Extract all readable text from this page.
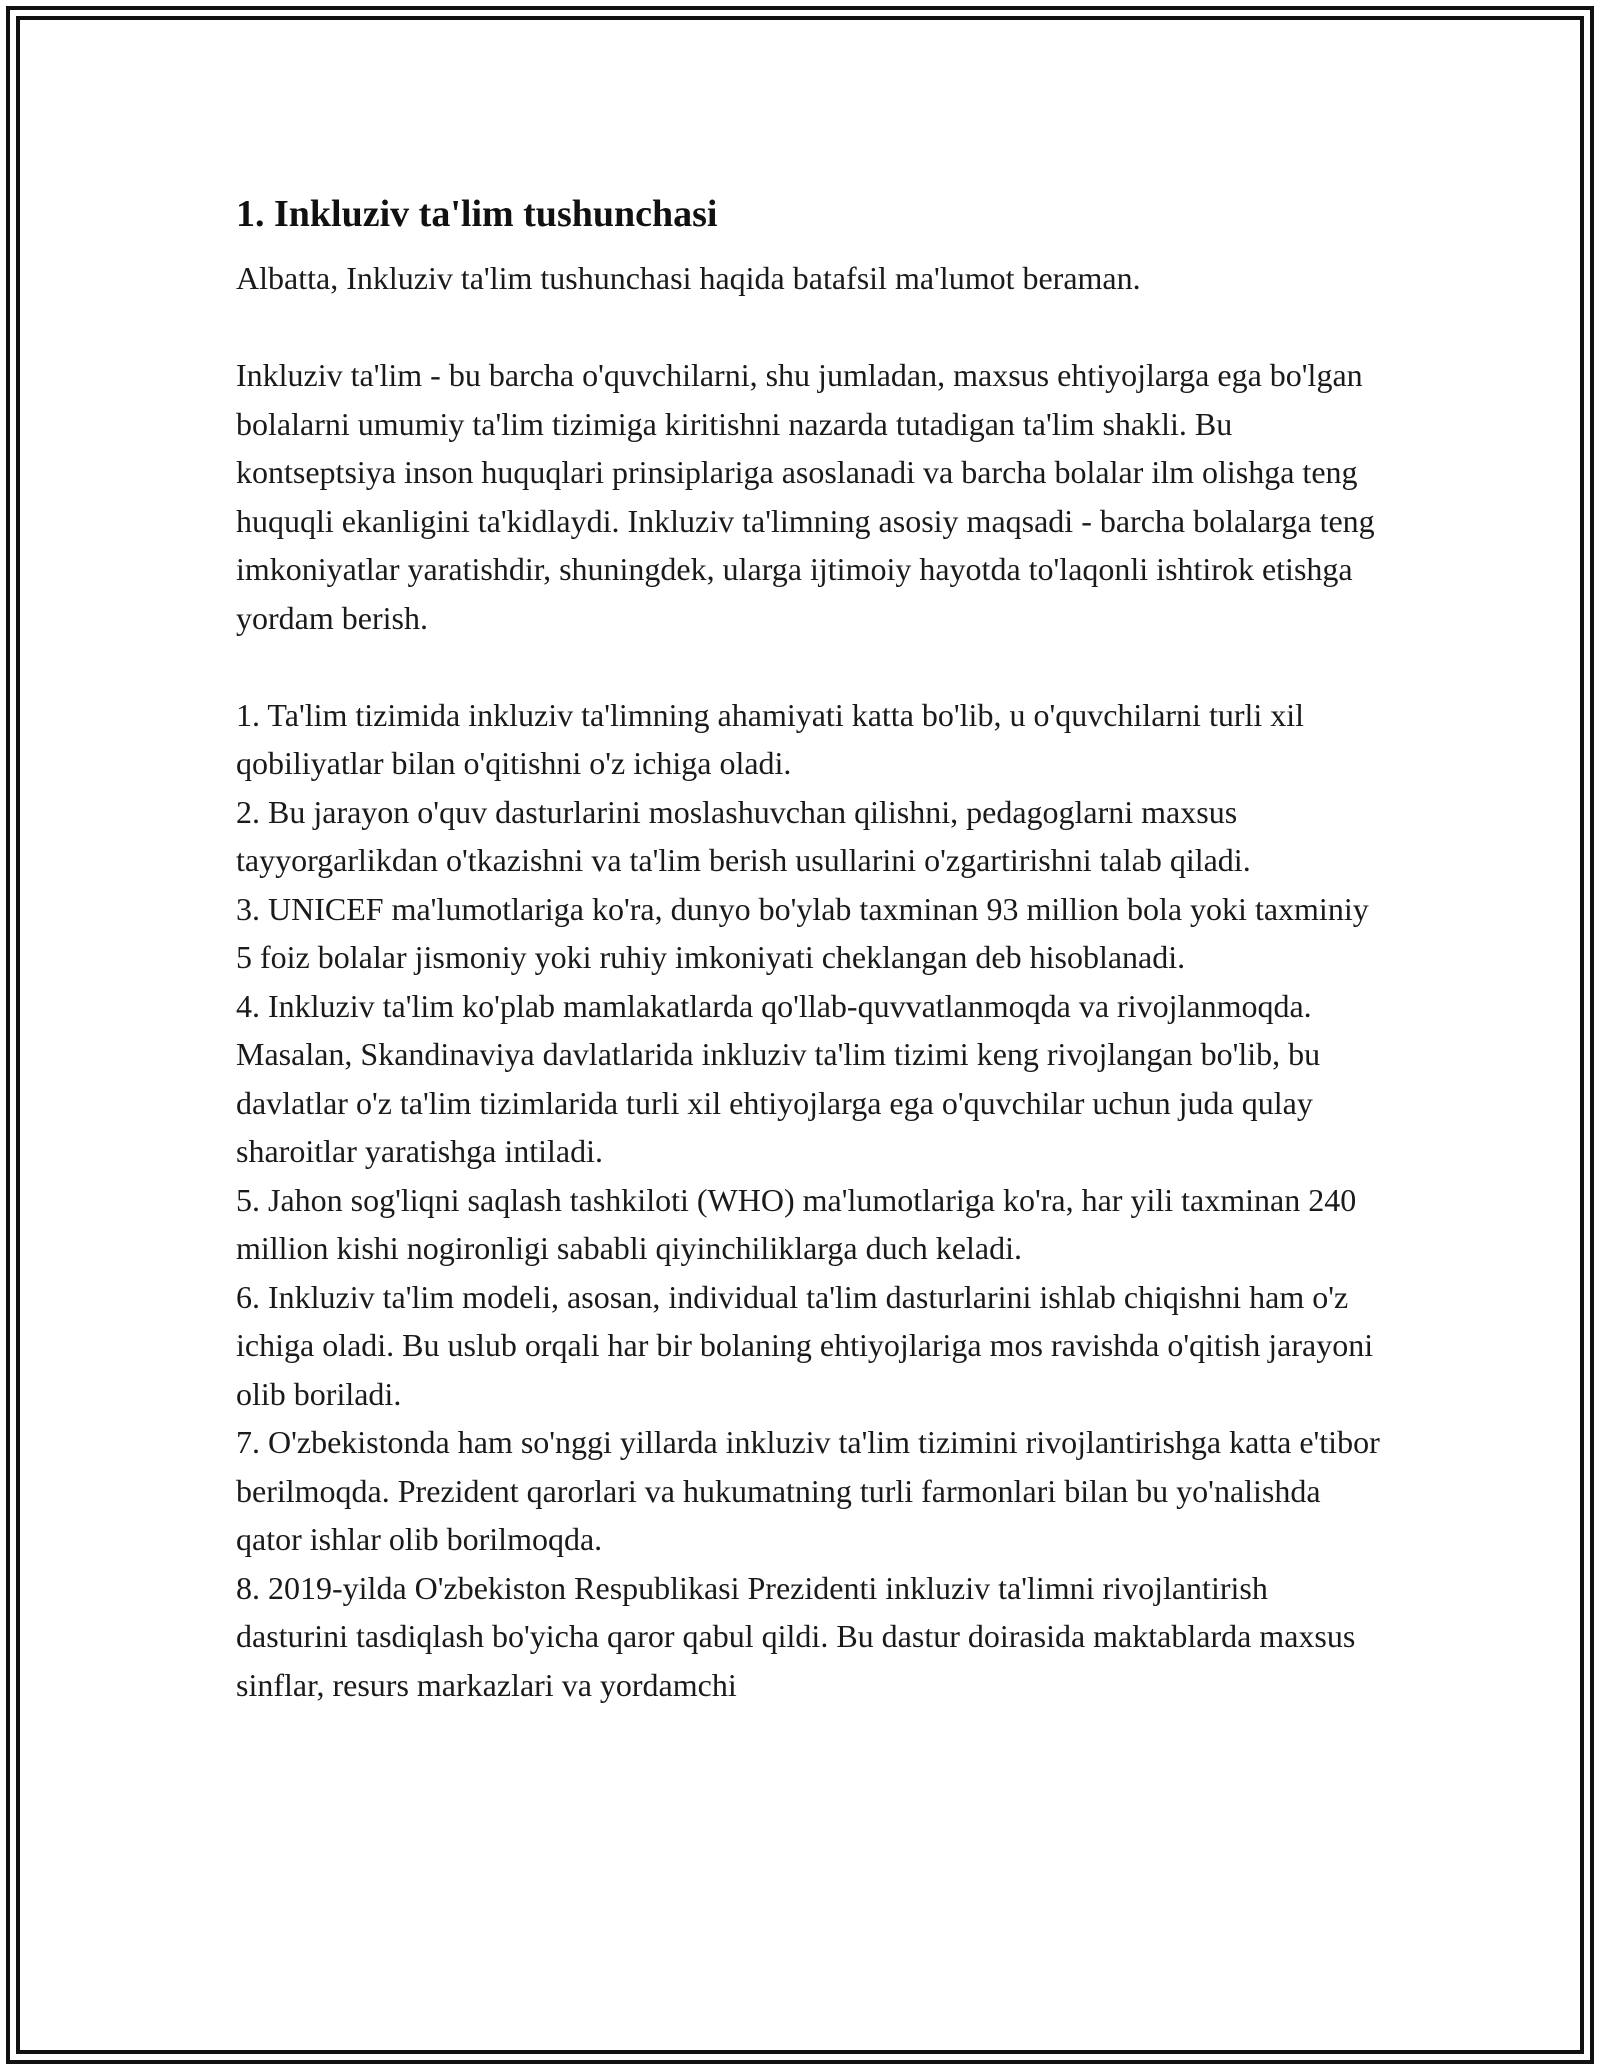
1. Inkluziv ta'lim tushunchasi

Albatta, Inkluziv ta'lim tushunchasi haqida batafsil ma'lumot beraman.

Inkluziv ta'lim - bu barcha o'quvchilarni, shu jumladan, maxsus ehtiyojlarga ega bo'lgan bolalarni umumiy ta'lim tizimiga kiritishni nazarda tutadigan ta'lim shakli. Bu kontseptsiya inson huquqlari prinsiplariga asoslanadi va barcha bolalar ilm olishga teng huquqli ekanligini ta'kidlaydi. Inkluziv ta'limning asosiy maqsadi - barcha bolalarga teng imkoniyatlar yaratishdir, shuningdek, ularga ijtimoiy hayotda to'laqonli ishtirok etishga yordam berish.

1. Ta'lim tizimida inkluziv ta'limning ahamiyati katta bo'lib, u o'quvchilarni turli xil qobiliyatlar bilan o'qitishni o'z ichiga oladi.

2. Bu jarayon o'quv dasturlarini moslashuvchan qilishni, pedagoglarni maxsus tayyorgarlikdan o'tkazishni va ta'lim berish usullarini o'zgartirishni talab qiladi.

3. UNICEF ma'lumotlariga ko'ra, dunyo bo'ylab taxminan 93 million bola yoki taxminiy 5 foiz bolalar jismoniy yoki ruhiy imkoniyati cheklangan deb hisoblanadi.

4. Inkluziv ta'lim ko'plab mamlakatlarda qo'llab-quvvatlanmoqda va rivojlanmoqda. Masalan, Skandinaviya davlatlarida inkluziv ta'lim tizimi keng rivojlangan bo'lib, bu davlatlar o'z ta'lim tizimlarida turli xil ehtiyojlarga ega o'quvchilar uchun juda qulay sharoitlar yaratishga intiladi.

5. Jahon sog'liqni saqlash tashkiloti (WHO) ma'lumotlariga ko'ra, har yili taxminan 240 million kishi nogironligi sababli qiyinchiliklarga duch keladi.

6. Inkluziv ta'lim modeli, asosan, individual ta'lim dasturlarini ishlab chiqishni ham o'z ichiga oladi. Bu uslub orqali har bir bolaning ehtiyojlariga mos ravishda o'qitish jarayoni olib boriladi.

7. O'zbekistonda ham so'nggi yillarda inkluziv ta'lim tizimini rivojlantirishga katta e'tibor berilmoqda. Prezident qarorlari va hukumatning turli farmonlari bilan bu yo'nalishda qator ishlar olib borilmoqda.

8. 2019-yilda O'zbekiston Respublikasi Prezidenti inkluziv ta'limni rivojlantirish dasturini tasdiqlash bo'yicha qaror qabul qildi. Bu dastur doirasida maktablarda maxsus sinflar, resurs markazlari va yordamchi
